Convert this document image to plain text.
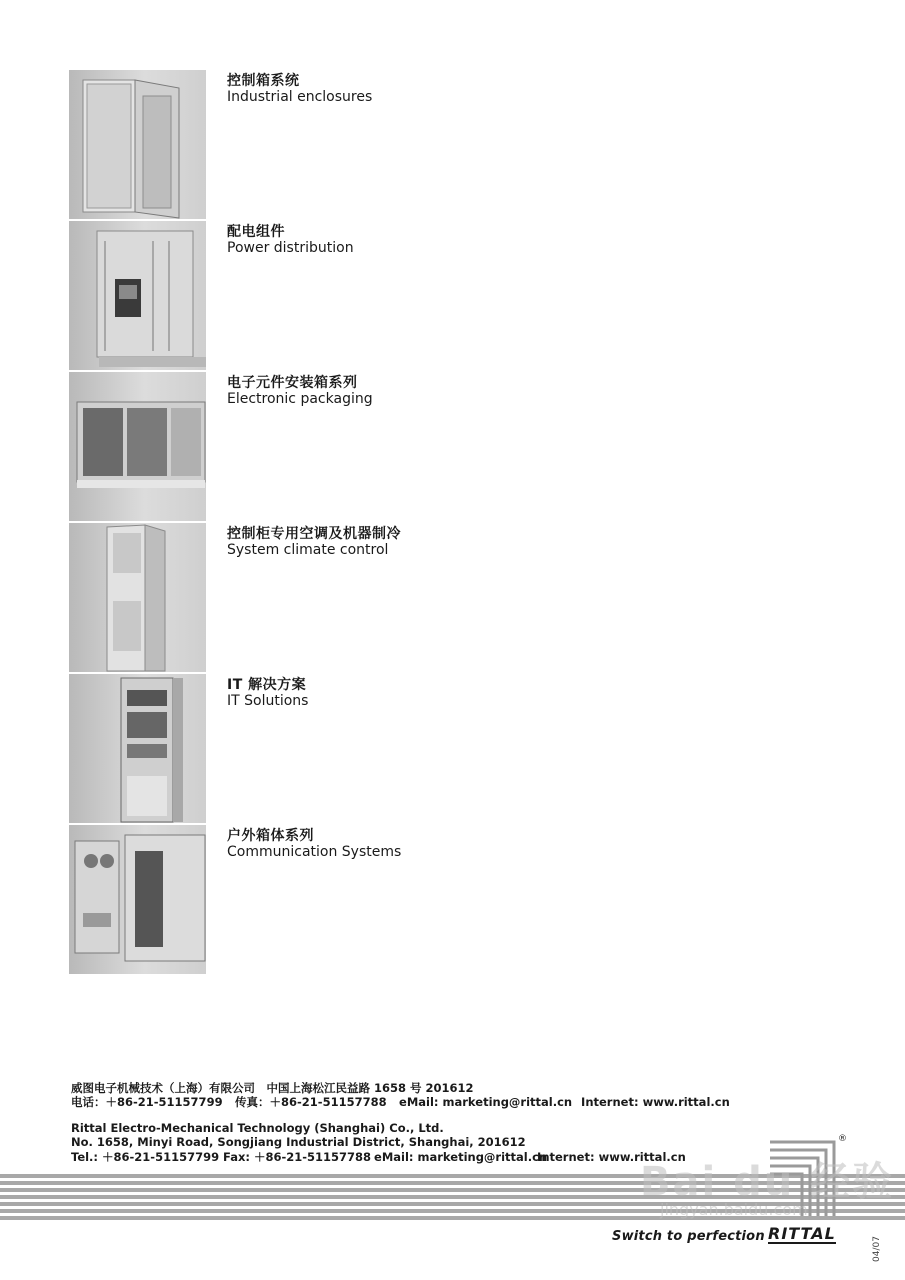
控制箱系统
Industrial enclosures
配电组件
Power distribution
电子元件安装箱系列
Electronic packaging
控制柜专用空调及机器制冷
System climate control
IT 解决方案
IT Solutions
户外箱体系列
Communication Systems
威图电子机械技术（上海）有限公司　中国上海松江民益路 1658 号 201612
电话：＋86-21-51157799 传真：＋86-21-51157788 eMail: marketing@rittal.cn Internet: www.rittal.cn
Rittal Electro-Mechanical Technology (Shanghai) Co., Ltd.
No. 1658, Minyi Road, Songjiang Industrial District, Shanghai, 201612
Tel.: ＋86-21-51157799 Fax: ＋86-21-51157788 eMail: marketing@rittal.cn Internet: www.rittal.cn
®
Bai du 经验
jingyan.baidu.com
Switch to perfection RITTAL
04/07
